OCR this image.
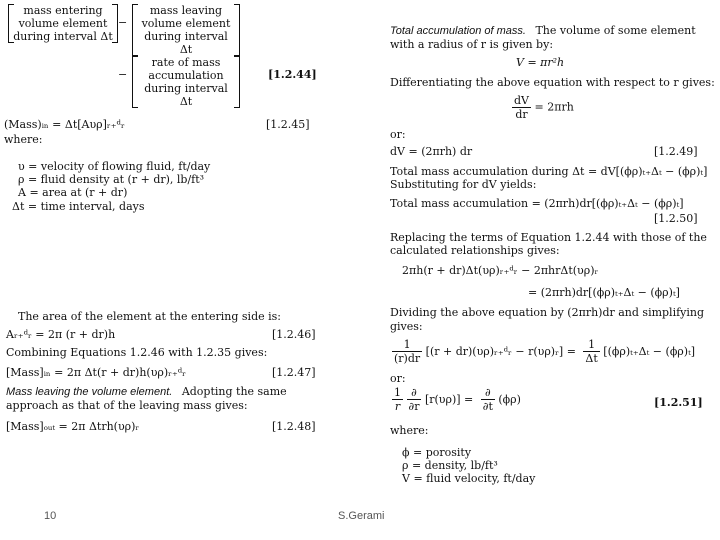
mass entering
volume element
during interval Δt
−
mass leaving
volume element
during interval Δt
−
rate of mass
accumulation
during interval Δt
[1.2.44]
(Mass)ᵢₙ = Δt[Aυρ]ᵣ₊ᵈᵣ	[1.2.45]
where:
υ = velocity of flowing fluid, ft/day
ρ = fluid density at (r + dr), lb/ft³
A = area at (r + dr)
Δt = time interval, days
The area of the element at the entering side is:
Aᵣ₊ᵈᵣ = 2π (r + dr)h	[1.2.46]
Combining Equations 1.2.46 with 1.2.35 gives:
[Mass]ᵢₙ = 2π Δt(r + dr)h(υρ)ᵣ₊ᵈᵣ	[1.2.47]
Mass leaving the volume element. Adopting the same
approach as that of the leaving mass gives:
[Mass]ₒᵤₜ = 2π Δtrh(υρ)ᵣ	[1.2.48]
Total accumulation of mass. The volume of some element
with a radius of r is given by:
V = πr²h
Differentiating the above equation with respect to r gives:
$\frac{dV}{dr} = 2\pi rh$
or:
dV = (2πrh) dr	[1.2.49]
Total mass accumulation during Δt = dV[(ϕρ)ₜ₊Δₜ − (ϕρ)ₜ]
Substituting for dV yields:
Total mass accumulation = (2πrh)dr[(ϕρ)ₜ₊Δₜ − (ϕρ)ₜ]
[1.2.50]
Replacing the terms of Equation 1.2.44 with those of the
calculated relationships gives:
2πh(r + dr)Δt(υρ)ᵣ₊ᵈᵣ − 2πhrΔt(υρ)ᵣ
= (2πrh)dr[(ϕρ)ₜ₊Δₜ − (ϕρ)ₜ]
Dividing the above equation by (2πrh)dr and simplifying
gives:
$\frac{1}{(r)dr} [(r$ + dr)(υρ)ᵣ₊ᵈᵣ − r(υρ)ᵣ] = $\frac{1}{\Delta t} [(\phi\rho)_{t+}\Delta_t - (\phi\rho)_t]$
or:
$\frac{1}{r}$
$\frac{\partial}{\partial r} [r(\upsilon\rho)] = \frac{\partial}{\partial t} (\phi\rho)$	[1.2.51]
where:
ϕ = porosity
ρ = density, lb/ft³
V = fluid velocity, ft/day
10	S.Gerami
